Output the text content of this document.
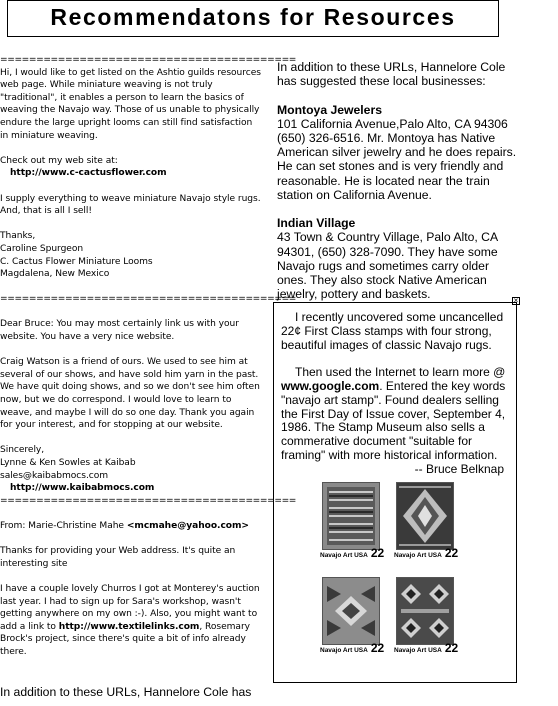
Recommendatons for Resources

=========================================

Hi, I would like to get listed on the Ashtio guilds resources web page. While miniature weaving is not truly "traditional", it enables a person to learn the basics of weaving the Navajo way. Those of us unable to physically endure the large upright looms can still find satisfaction in miniature weaving.

Check out my web site at:
http://www.c-cactusflower.com

I supply everything to weave miniature Navajo style rugs. And, that is all I sell!

Thanks,
Caroline Spurgeon
C. Cactus Flower Miniature Looms
Magdalena, New Mexico

=========================================

Dear Bruce: You may most certainly link us with your website. You have a very nice website.

Craig Watson is a friend of ours. We used to see him at several of our shows, and have sold him yarn in the past. We have quit doing shows, and so we don't see him often now, but we do correspond. I would love to learn to weave, and maybe I will do so one day. Thank you again for your interest, and for stopping at our website.

Sincerely,
Lynne & Ken Sowles at Kaibab
sales@kaibabmocs.com
http://www.kaibabmocs.com

=========================================

From: Marie-Christine Mahe <mcmahe@yahoo.com>

Thanks for providing your Web address. It's quite an interesting site

I have a couple lovely Churros I got at Monterey's auction last year. I had to sign up for Sara's workshop, wasn't getting anywhere on my own :-). Also, you might want to add a link to http://www.textilelinks.com, Rosemary Brock's project, since there's quite a bit of info already there.

In addition to these URLs, Hannelore Cole has

In addition to these URLs, Hannelore Cole has suggested these local businesses:

Montoya Jewelers
101 California Avenue,Palo Alto, CA 94306 (650) 326-6516. Mr. Montoya has Native American silver jewelry and he does repairs. He can set stones and is very friendly and reasonable. He is located near the train station on California Avenue.

Indian Village
43 Town & Country Village, Palo Alto, CA 94301, (650) 328-7090. They have some Navajo rugs and sometimes carry older ones. They also stock Native American jewelry, pottery and baskets.	×

I recently uncovered some uncancelled 22¢ First Class stamps with four strong, beautiful images of classic Navajo rugs.

Then used the Internet to learn more @ www.google.com. Entered the key words "navajo art stamp". Found dealers selling the First Day of Issue cover, September 4, 1986. The Stamp Museum also sells a commerative document "suitable for framing" with more historical information.

-- Bruce Belknap

Navajo Art USA 22 Navajo Art USA 22
Navajo Art USA 22 Navajo Art USA 22
